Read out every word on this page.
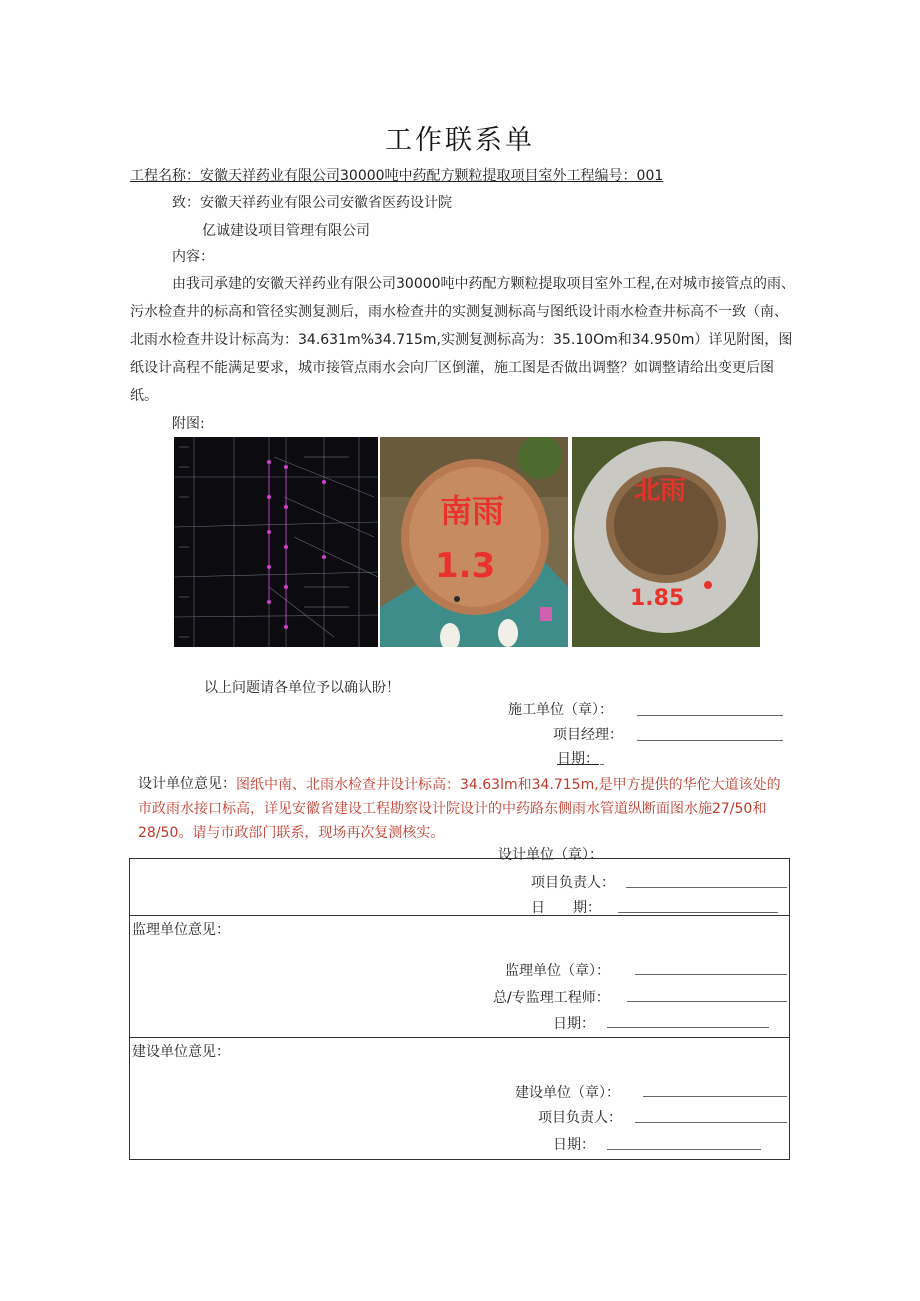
工作联系单
工程名称：安徽天祥药业有限公司30000吨中药配方颗粒提取项目室外工程编号：001
致：安徽天祥药业有限公司安徽省医药设计院
亿诚建设项目管理有限公司
内容：
由我司承建的安徽天祥药业有限公司30000吨中药配方颗粒提取项目室外工程,在对城市接管点的雨、污水检查井的标高和管径实测复测后，雨水检查井的实测复测标高与图纸设计雨水检查井标高不一致（南、北雨水检查井设计标高为：34.631m%34.715m,实测复测标高为：35.10Om和34.950m）详见附图，图纸设计高程不能满足要求，城市接管点雨水会向厂区倒灌，施工图是否做出调整？如调整请给出变更后图纸。
附图:
南雨
1.3
北雨
1.85
以上问题请各单位予以确认盼！
施工单位（章）：
项目经理：
日期：
设计单位意见： 图纸中南、北雨水检查井设计标高：34.63lm和34.715m,是甲方提供的华佗大道该处的市政雨水接口标高，详见安徽省建设工程勘察设计院设计的中药路东侧雨水管道纵断面图水施27/50和28/50。请与市政部门联系，现场再次复测核实。
设计单位（章）：
项目负责人：
日　　期：
监理单位意见：
监理单位（章）：
总/专监理工程师：
日期：
建设单位意见：
建设单位（章）：
项目负责人：
日期：
